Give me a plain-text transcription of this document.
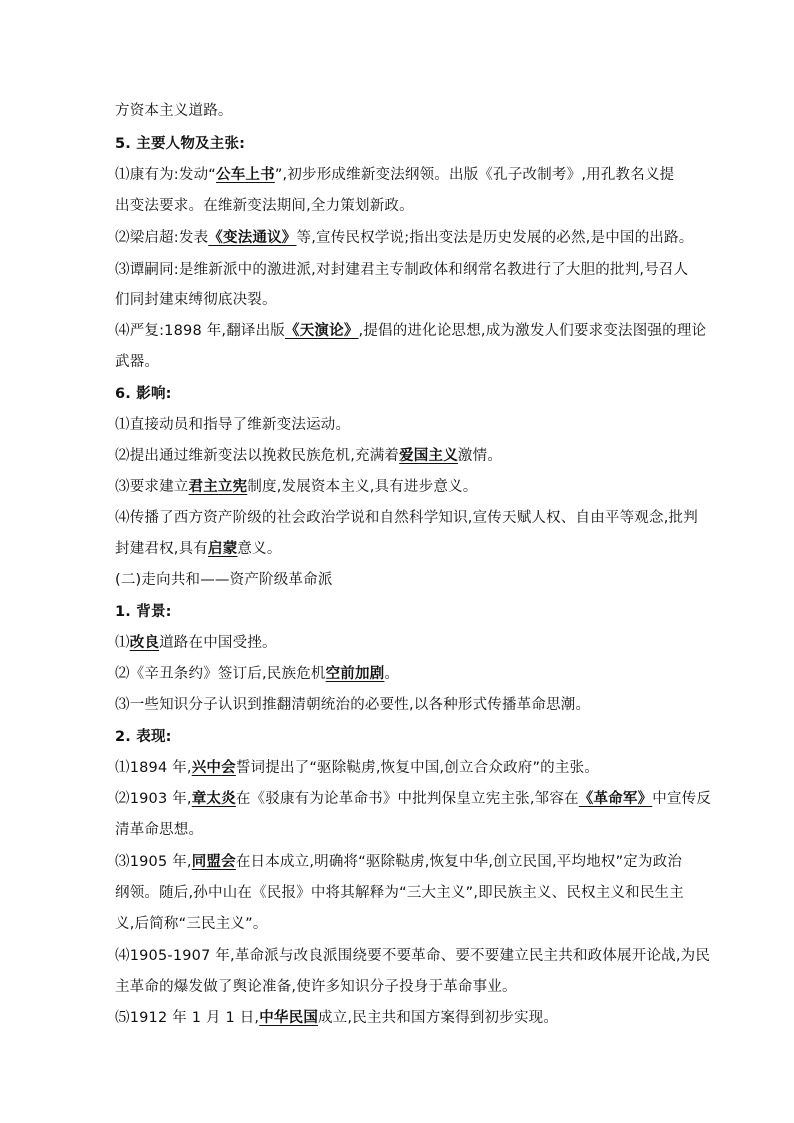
方资本主义道路。
5. 主要人物及主张:
⑴康有为:发动“公车上书”,初步形成维新变法纲领。出版《孔子改制考》,用孔教名义提
出变法要求。在维新变法期间,全力策划新政。
⑵梁启超:发表《变法通议》等,宣传民权学说;指出变法是历史发展的必然,是中国的出路。
⑶谭嗣同:是维新派中的激进派,对封建君主专制政体和纲常名教进行了大胆的批判,号召人
们同封建束缚彻底决裂。
⑷严复:1898 年,翻译出版《天演论》,提倡的进化论思想,成为激发人们要求变法图强的理论
武器。
6. 影响:
⑴直接动员和指导了维新变法运动。
⑵提出通过维新变法以挽救民族危机,充满着爱国主义激情。
⑶要求建立君主立宪制度,发展资本主义,具有进步意义。
⑷传播了西方资产阶级的社会政治学说和自然科学知识,宣传天赋人权、自由平等观念,批判
封建君权,具有启蒙意义。
(二)走向共和——资产阶级革命派
1. 背景:
⑴改良道路在中国受挫。
⑵《辛丑条约》签订后,民族危机空前加剧。
⑶一些知识分子认识到推翻清朝统治的必要性,以各种形式传播革命思潮。
2. 表现:
⑴1894 年,兴中会誓词提出了“驱除鞑虏,恢复中国,创立合众政府”的主张。
⑵1903 年,章太炎在《驳康有为论革命书》中批判保皇立宪主张,邹容在《革命军》中宣传反
清革命思想。
⑶1905 年,同盟会在日本成立,明确将“驱除鞑虏,恢复中华,创立民国,平均地权”定为政治
纲领。随后,孙中山在《民报》中将其解释为“三大主义”,即民族主义、民权主义和民生主
义,后简称“三民主义”。
⑷1905-1907 年,革命派与改良派围绕要不要革命、要不要建立民主共和政体展开论战,为民
主革命的爆发做了舆论准备,使许多知识分子投身于革命事业。
⑸1912 年 1 月 1 日,中华民国成立,民主共和国方案得到初步实现。
